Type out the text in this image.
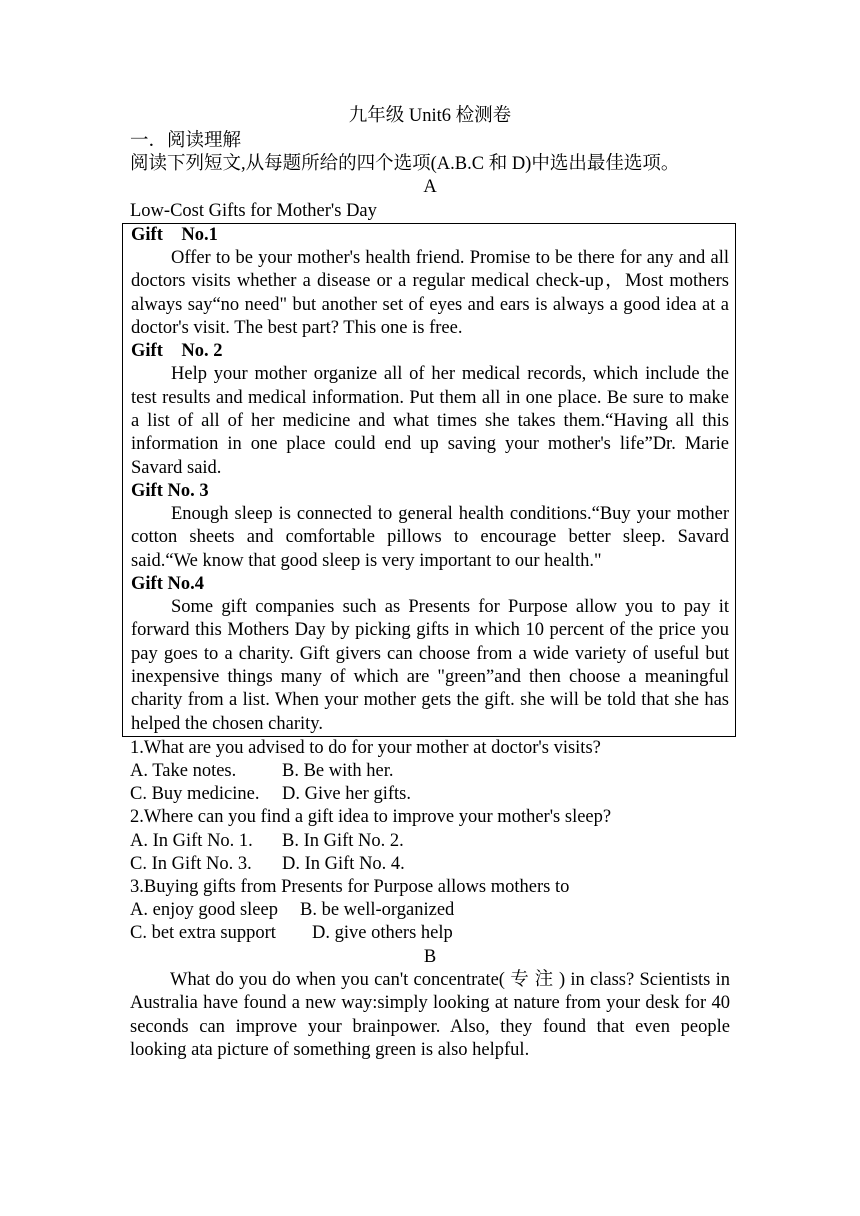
九年级 Unit6 检测卷
一．阅读理解
阅读下列短文,从每题所给的四个选项(A.B.C 和 D)中选出最佳选项。
A
Low-Cost Gifts for Mother's Day
Gift    No.1

Offer to be your mother's health friend. Promise to be there for any and all doctors visits whether a disease or a regular medical check-up，Most mothers always say“no need" but another set of eyes and ears is always a good idea at a doctor's visit. The best part? This one is free.

Gift    No. 2

Help your mother organize all of her medical records, which include the test results and medical information. Put them all in one place. Be sure to make a list of all of her medicine and what times she takes them.“Having all this information in one place could end up saving your mother's life”Dr. Marie Savard said.

Gift No. 3

Enough sleep is connected to general health conditions.“Buy your mother cotton sheets and comfortable pillows to encourage better sleep. Savard said.“We know that good sleep is very important to our health."

Gift No.4

Some gift companies such as Presents for Purpose allow you to pay it forward this Mothers Day by picking gifts in which 10 percent of the price you pay goes to a charity. Gift givers can choose from a wide variety of useful but inexpensive things many of which are "green”and then choose a meaningful charity from a list. When your mother gets the gift. she will be told that she has helped the chosen charity.

1.What are you advised to do for your mother at doctor's visits?
A. Take notes. B. Be with her.
C. Buy medicine. D. Give her gifts.
2.Where can you find a gift idea to improve your mother's sleep?
A. In Gift No. 1. B. In Gift No. 2.
C. In Gift No. 3. D. In Gift No. 4.
3.Buying gifts from Presents for Purpose allows mothers to
A. enjoy good sleep B. be well-organized
C. bet extra support D. give others help
B

What do you do when you can't concentrate( 专 注 ) in class? Scientists in Australia have found a new way:simply looking at nature from your desk for 40 seconds can improve your brainpower. Also, they found that even people looking ata picture of something green is also helpful.
